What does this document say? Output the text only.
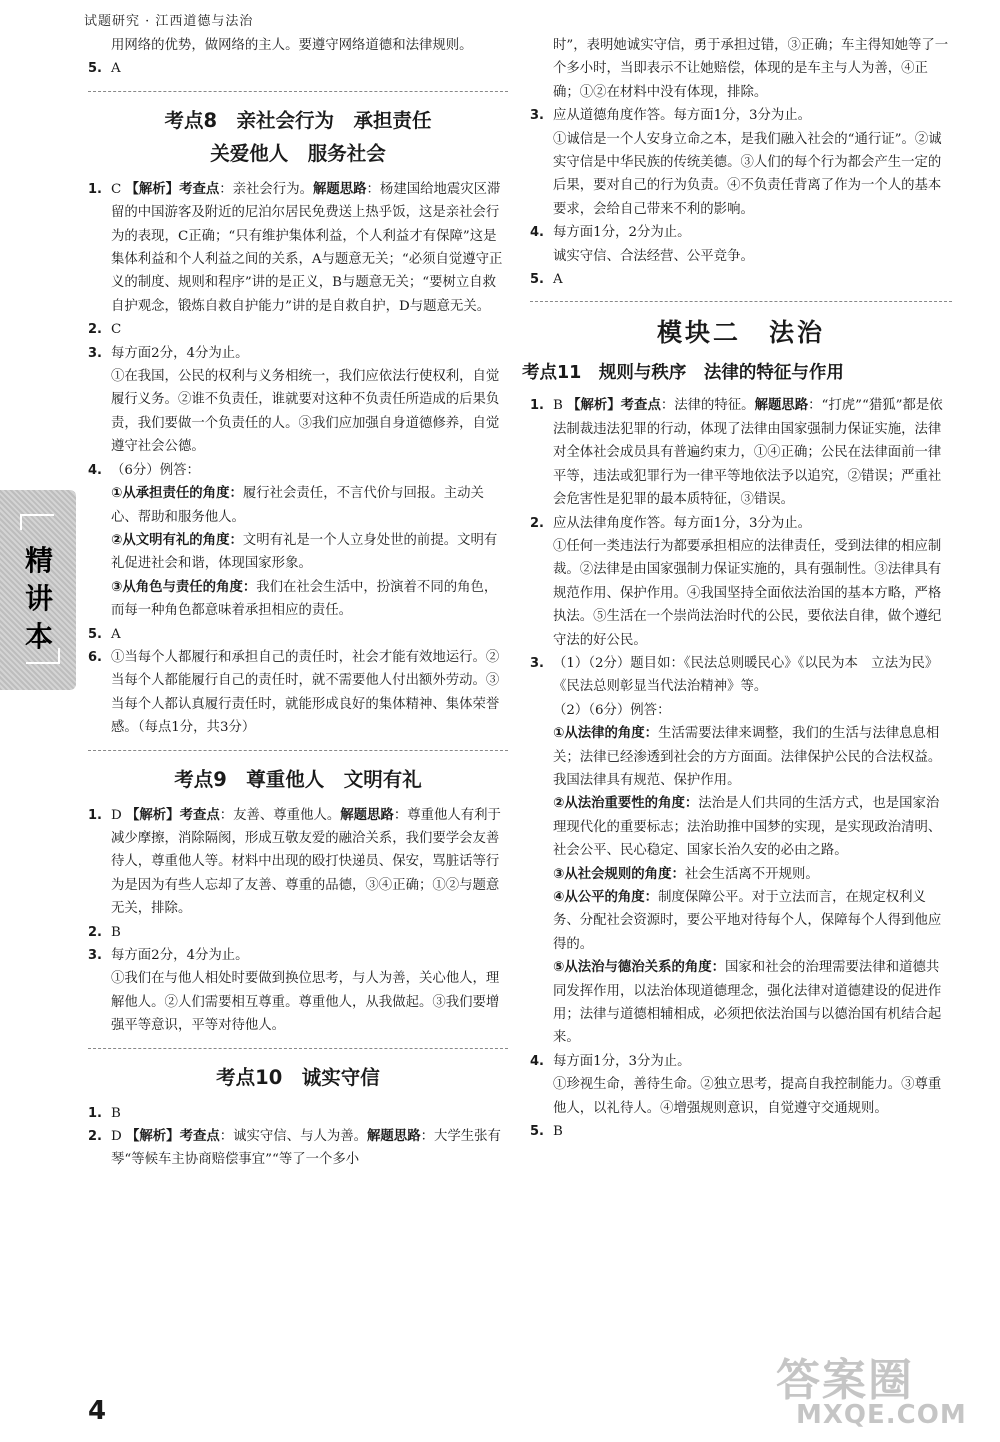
试题研究 · 江西道德与法治
精讲本

用网络的优势，做网络的主人。要遵守网络道德和法律规则。

5. A

考点8　亲社会行为　承担责任
关爱他人　服务社会

1. C 【解析】考查点：亲社会行为。解题思路：杨建国给地震灾区滞留的中国游客及附近的尼泊尔居民免费送上热乎饭，这是亲社会行为的表现，C正确；“只有维护集体利益，个人利益才有保障”这是集体利益和个人利益之间的关系，A与题意无关；“必须自觉遵守正义的制度、规则和程序”讲的是正义，B与题意无关；“要树立自救自护观念，锻炼自救自护能力”讲的是自救自护，D与题意无关。

2. C

3. 每方面2分，4分为止。

①在我国，公民的权利与义务相统一，我们应依法行使权利，自觉履行义务。②谁不负责任，谁就要对这种不负责任所造成的后果负责，我们要做一个负责任的人。③我们应加强自身道德修养，自觉遵守社会公德。

4. （6分）例答：

①从承担责任的角度：履行社会责任，不言代价与回报。主动关心、帮助和服务他人。

②从文明有礼的角度：文明有礼是一个人立身处世的前提。文明有礼促进社会和谐，体现国家形象。

③从角色与责任的角度：我们在社会生活中，扮演着不同的角色，而每一种角色都意味着承担相应的责任。

5. A

6. ①当每个人都履行和承担自己的责任时，社会才能有效地运行。②当每个人都能履行自己的责任时，就不需要他人付出额外劳动。③当每个人都认真履行责任时，就能形成良好的集体精神、集体荣誉感。（每点1分，共3分）

考点9　尊重他人　文明有礼

1. D 【解析】考查点：友善、尊重他人。解题思路：尊重他人有利于减少摩擦，消除隔阂，形成互敬友爱的融洽关系，我们要学会友善待人，尊重他人等。材料中出现的殴打快递员、保安，骂脏话等行为是因为有些人忘却了友善、尊重的品德，③④正确；①②与题意无关，排除。

2. B

3. 每方面2分，4分为止。

①我们在与他人相处时要做到换位思考，与人为善，关心他人，理解他人。②人们需要相互尊重。尊重他人，从我做起。③我们要增强平等意识，平等对待他人。

考点10　诚实守信

1. B

2. D 【解析】考查点：诚实守信、与人为善。解题思路：大学生张有琴“等候车主协商赔偿事宜”“等了一个多小

时”，表明她诚实守信，勇于承担过错，③正确；车主得知她等了一个多小时，当即表示不让她赔偿，体现的是车主与人为善，④正确；①②在材料中没有体现，排除。

3. 应从道德角度作答。每方面1分，3分为止。

①诚信是一个人安身立命之本，是我们融入社会的“通行证”。②诚实守信是中华民族的传统美德。③人们的每个行为都会产生一定的后果，要对自己的行为负责。④不负责任背离了作为一个人的基本要求，会给自己带来不利的影响。

4. 每方面1分，2分为止。

诚实守信、合法经营、公平竞争。

5. A

模块二　法治
考点11　规则与秩序　法律的特征与作用

1. B 【解析】考查点：法律的特征。解题思路：“打虎”“猎狐”都是依法制裁违法犯罪的行动，体现了法律由国家强制力保证实施，法律对全体社会成员具有普遍约束力，①④正确；公民在法律面前一律平等，违法或犯罪行为一律平等地依法予以追究，②错误；严重社会危害性是犯罪的最本质特征，③错误。

2. 应从法律角度作答。每方面1分，3分为止。

①任何一类违法行为都要承担相应的法律责任，受到法律的相应制裁。②法律是由国家强制力保证实施的，具有强制性。③法律具有规范作用、保护作用。④我国坚持全面依法治国的基本方略，严格执法。⑤生活在一个崇尚法治时代的公民，要依法自律，做个遵纪守法的好公民。

3. （1）（2分）题目如：《民法总则暖民心》《以民为本　立法为民》《民法总则彰显当代法治精神》等。

（2）（6分）例答：

①从法律的角度：生活需要法律来调整，我们的生活与法律息息相关；法律已经渗透到社会的方方面面。法律保护公民的合法权益。我国法律具有规范、保护作用。

②从法治重要性的角度：法治是人们共同的生活方式，也是国家治理现代化的重要标志；法治助推中国梦的实现，是实现政治清明、社会公平、民心稳定、国家长治久安的必由之路。

③从社会规则的角度：社会生活离不开规则。

④从公平的角度：制度保障公平。对于立法而言，在规定权利义务、分配社会资源时，要公平地对待每个人，保障每个人得到他应得的。

⑤从法治与德治关系的角度：国家和社会的治理需要法律和道德共同发挥作用，以法治体现道德理念，强化法律对道德建设的促进作用；法律与道德相辅相成，必须把依法治国与以德治国有机结合起来。

4. 每方面1分，3分为止。

①珍视生命，善待生命。②独立思考，提高自我控制能力。③尊重他人，以礼待人。④增强规则意识，自觉遵守交通规则。

5. B

4
答案圈
MXQE.COM
